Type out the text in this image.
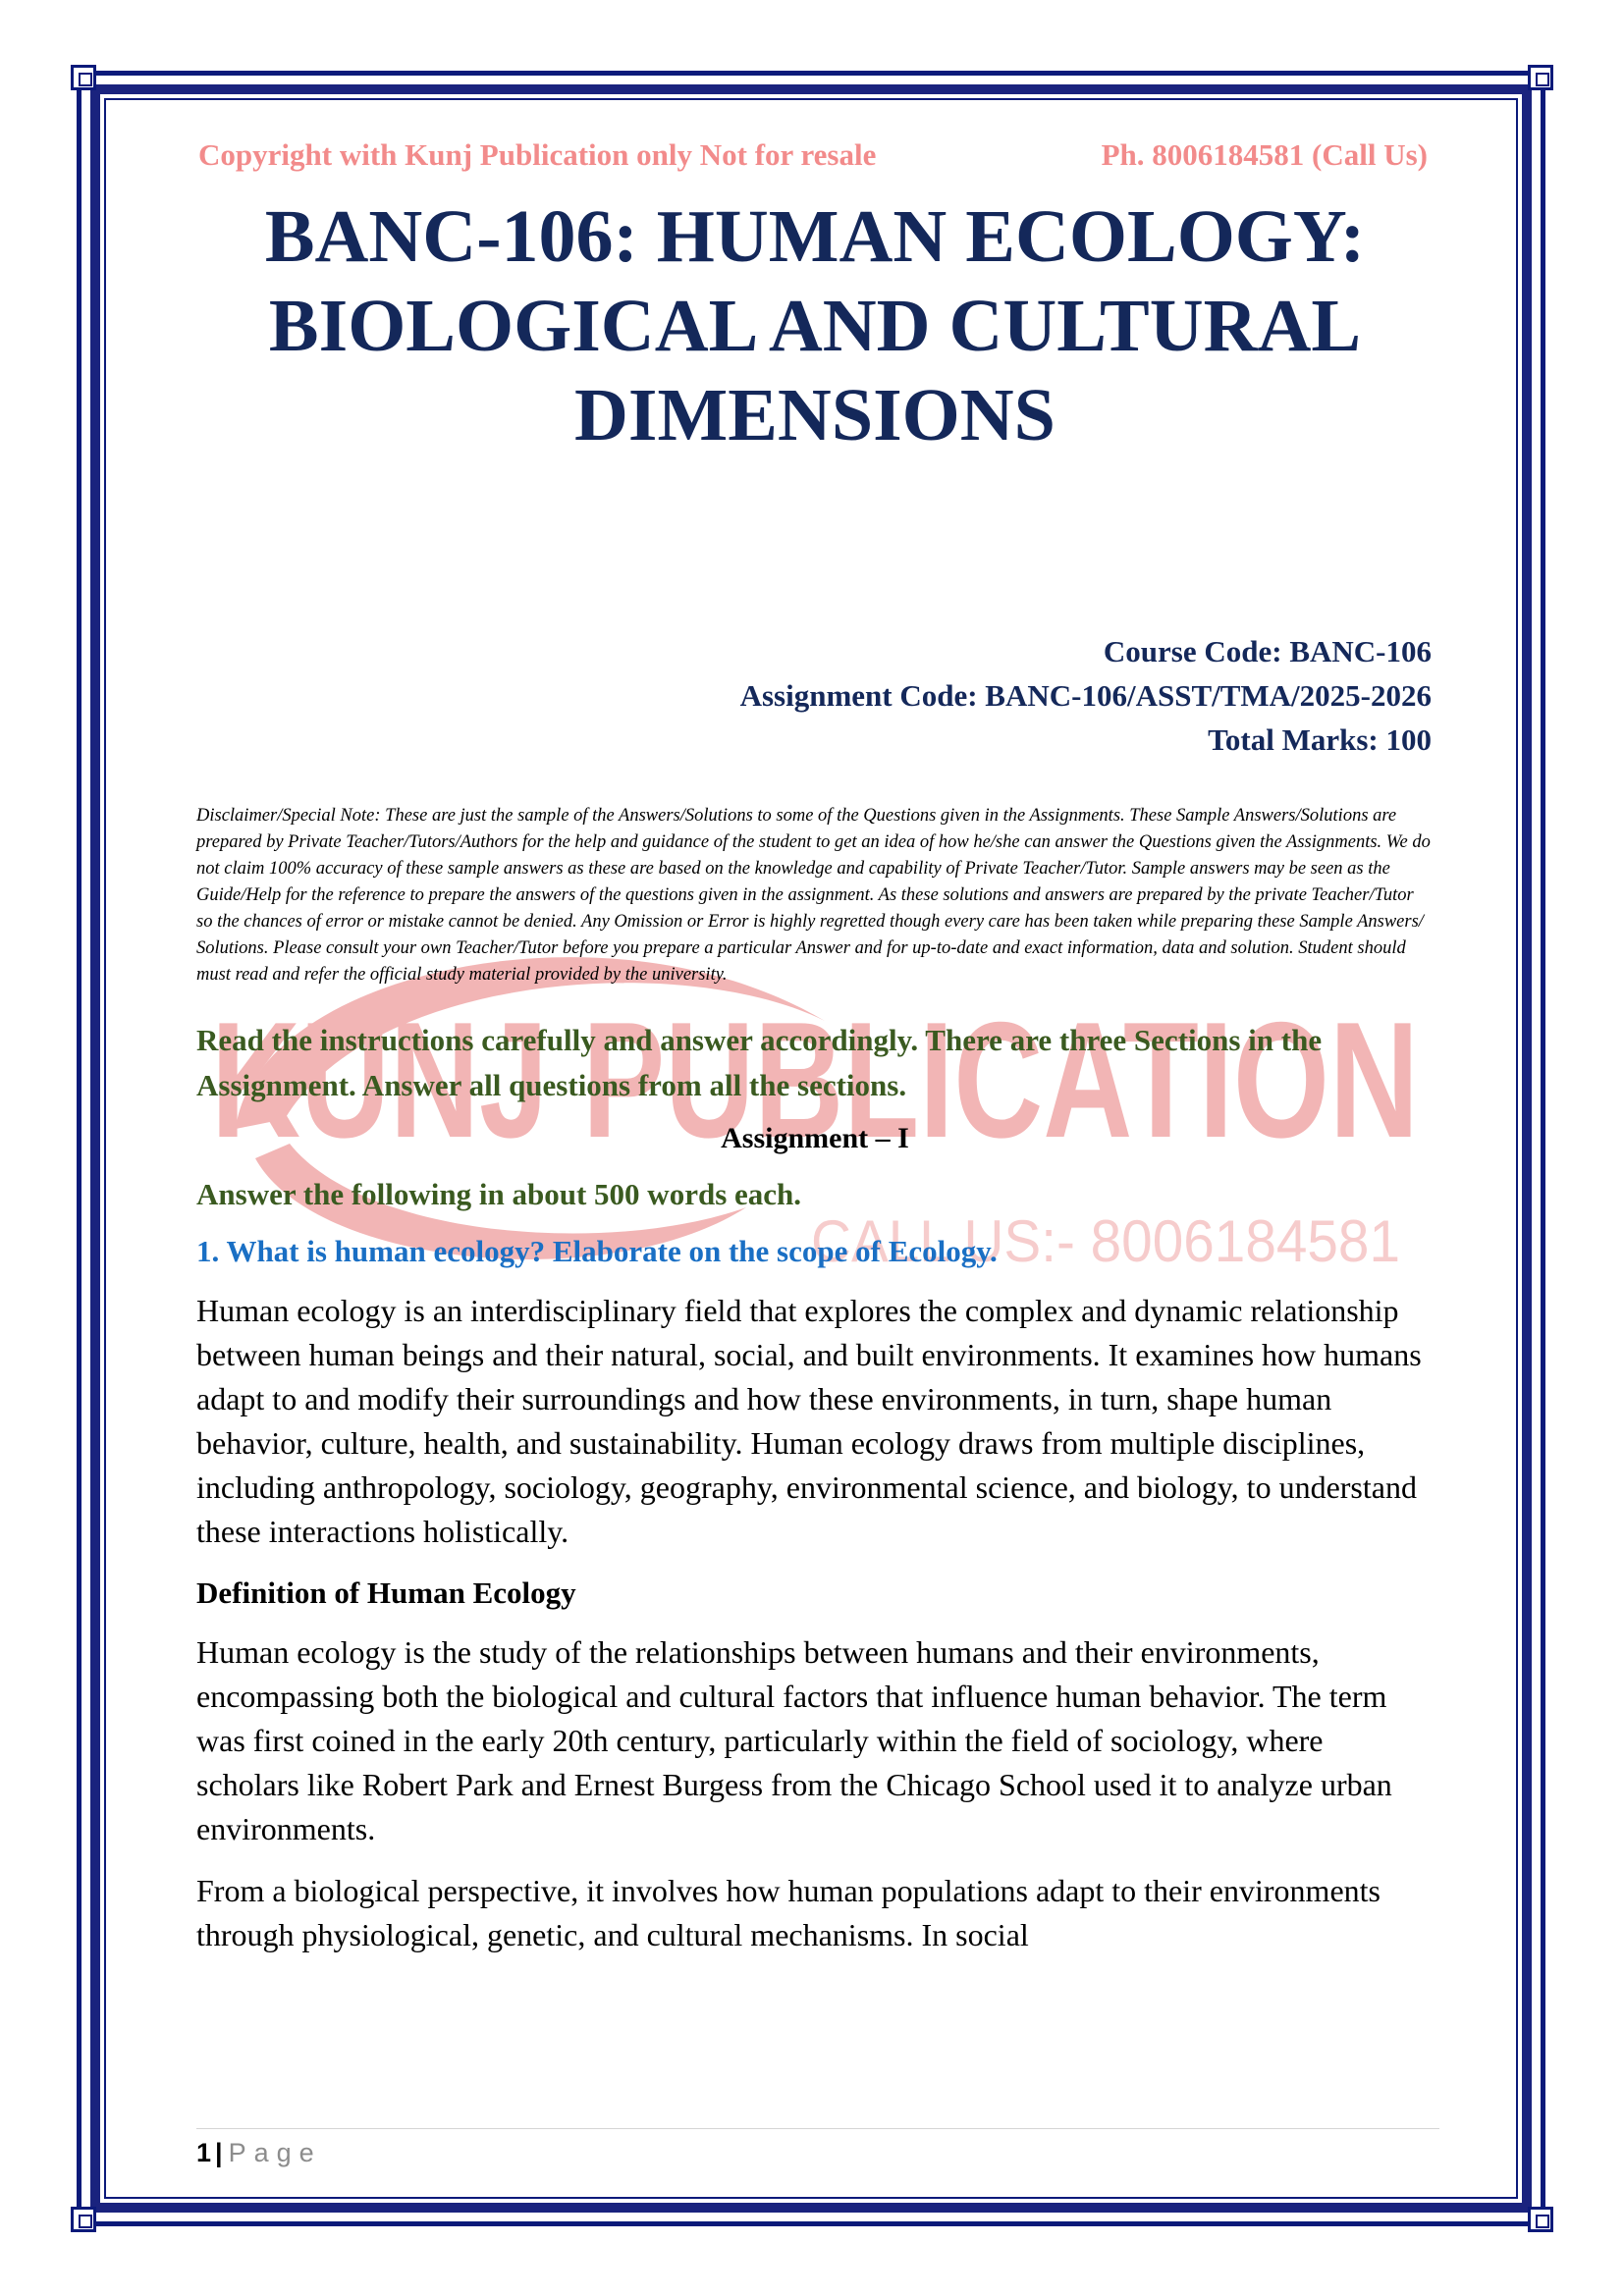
KUNJ PUBLICATION
CALL US:- 8006184581
Copyright with Kunj Publication only Not for resale	Ph. 8006184581 (Call Us)
BANC-106: HUMAN ECOLOGY:
BIOLOGICAL AND CULTURAL
DIMENSIONS
Course Code: BANC-106
Assignment Code: BANC-106/ASST/TMA/2025-2026
Total Marks: 100
Disclaimer/Special Note: These are just the sample of the Answers/Solutions to some of the Questions given in the Assignments. These Sample Answers/Solutions are prepared by Private Teacher/Tutors/Authors for the help and guidance of the student to get an idea of how he/she can answer the Questions given the Assignments. We do not claim 100% accuracy of these sample answers as these are based on the knowledge and capability of Private Teacher/Tutor. Sample answers may be seen as the Guide/Help for the reference to prepare the answers of the questions given in the assignment. As these solutions and answers are prepared by the private Teacher/Tutor so the chances of error or mistake cannot be denied. Any Omission or Error is highly regretted though every care has been taken while preparing these Sample Answers/ Solutions. Please consult your own Teacher/Tutor before you prepare a particular Answer and for up-to-date and exact information, data and solution. Student should must read and refer the official study material provided by the university.
Read the instructions carefully and answer accordingly. There are three Sections in the Assignment. Answer all questions from all the sections.
Assignment – I
Answer the following in about 500 words each.
1. What is human ecology? Elaborate on the scope of Ecology.
Human ecology is an interdisciplinary field that explores the complex and dynamic relationship between human beings and their natural, social, and built environments. It examines how humans adapt to and modify their surroundings and how these environments, in turn, shape human behavior, culture, health, and sustainability. Human ecology draws from multiple disciplines, including anthropology, sociology, geography, environmental science, and biology, to understand these interactions holistically.
Definition of Human Ecology
Human ecology is the study of the relationships between humans and their environments, encompassing both the biological and cultural factors that influence human behavior. The term was first coined in the early 20th century, particularly within the field of sociology, where scholars like Robert Park and Ernest Burgess from the Chicago School used it to analyze urban environments.
From a biological perspective, it involves how human populations adapt to their environments through physiological, genetic, and cultural mechanisms. In social
1 | Page
